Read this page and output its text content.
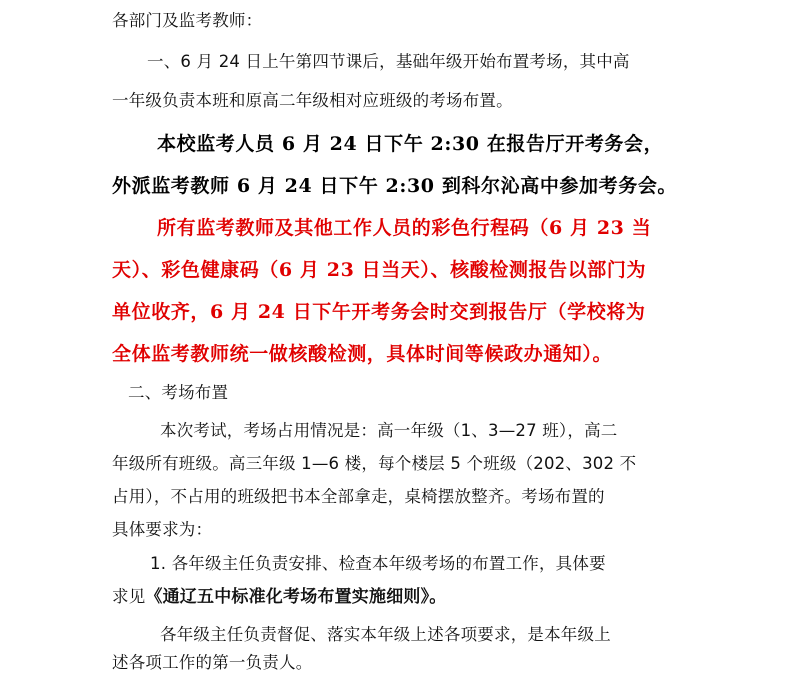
各部门及监考教师：
一、6 月 24 日上午第四节课后，基础年级开始布置考场，其中高
一年级负责本班和原高二年级相对应班级的考场布置。
本校监考人员 6 月 24 日下午 2:30 在报告厅开考务会，
外派监考教师 6 月 24 日下午 2:30 到科尔沁高中参加考务会。
所有监考教师及其他工作人员的彩色行程码（6 月 23 当
天）、彩色健康码（6 月 23 日当天）、核酸检测报告以部门为
单位收齐，6 月 24 日下午开考务会时交到报告厅（学校将为
全体监考教师统一做核酸检测，具体时间等候政办通知）。
二、考场布置
本次考试，考场占用情况是：高一年级（1、3—27 班），高二
年级所有班级。高三年级 1—6 楼，每个楼层 5 个班级（202、302 不
占用），不占用的班级把书本全部拿走，桌椅摆放整齐。考场布置的
具体要求为：
1. 各年级主任负责安排、检查本年级考场的布置工作，具体要
求见《通辽五中标准化考场布置实施细则》。
各年级主任负责督促、落实本年级上述各项要求，是本年级上
述各项工作的第一负责人。
